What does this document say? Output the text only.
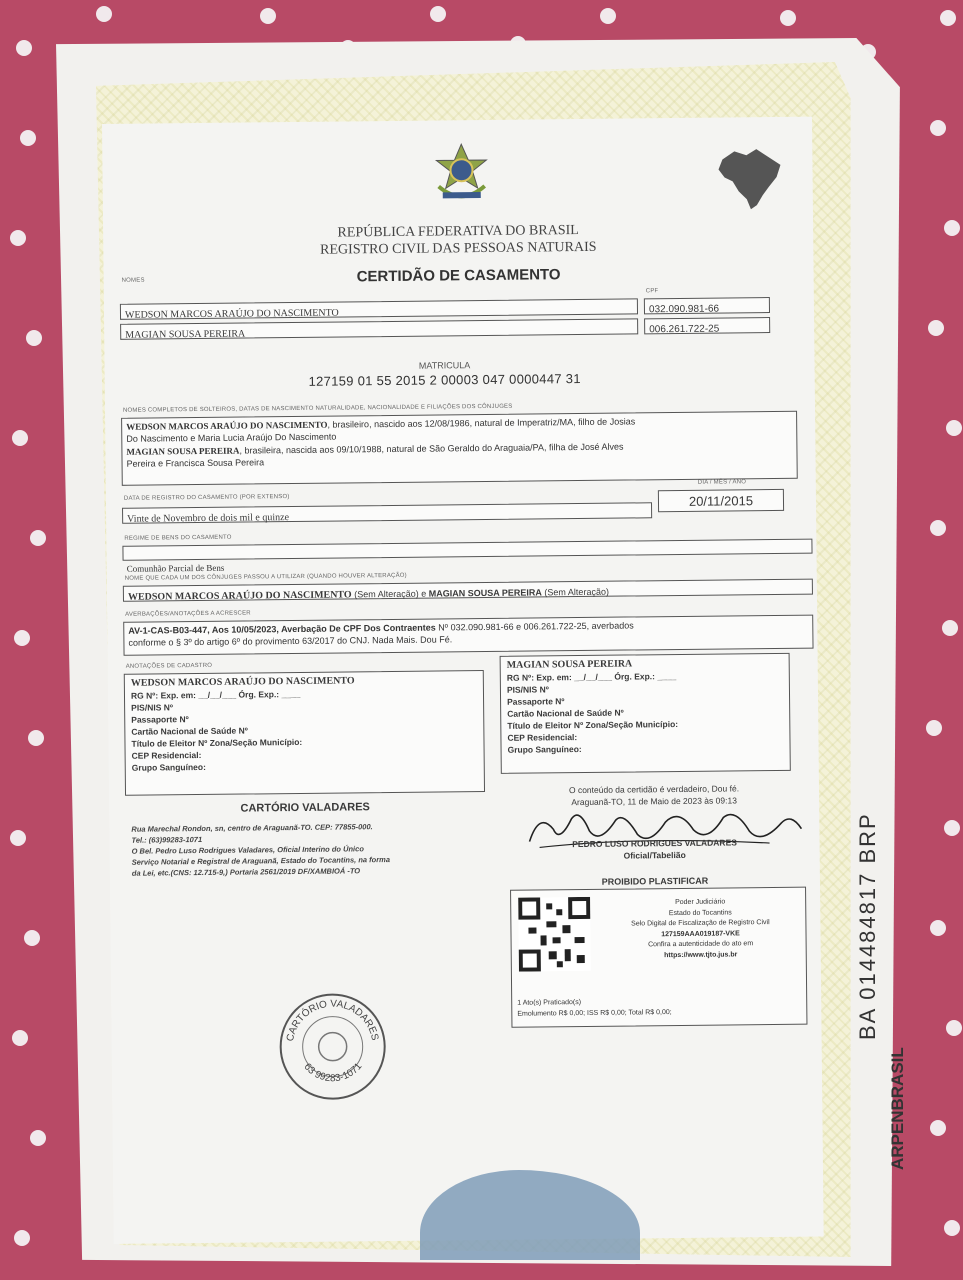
BA 014484817 BRP
ARPENBRASIL
REPÚBLICA FEDERATIVA DO BRASIL
REGISTRO CIVIL DAS PESSOAS NATURAIS
CERTIDÃO DE CASAMENTO
NOMES
CPF
WEDSON MARCOS ARAÚJO DO NASCIMENTO	032.090.981-66
MAGIAN SOUSA PEREIRA	006.261.722-25
MATRICULA
127159 01 55 2015 2 00003 047 0000447 31
NOMES COMPLETOS DE SOLTEIROS, DATAS DE NASCIMENTO NATURALIDADE, NACIONALIDADE E FILIAÇÕES DOS CÔNJUGES
WEDSON MARCOS ARAÚJO DO NASCIMENTO, brasileiro, nascido aos 12/08/1986, natural de Imperatriz/MA, filho de Josias
Do Nascimento e Maria Lucia Araújo Do Nascimento
MAGIAN SOUSA PEREIRA, brasileira, nascida aos 09/10/1988, natural de São Geraldo do Araguaia/PA, filha de José Alves
Pereira e Francisca Sousa Pereira
DATA DE REGISTRO DO CASAMENTO (POR EXTENSO)
DIA / MÊS / ANO
Vinte de Novembro de dois mil e quinze
20/11/2015
REGIME DE BENS DO CASAMENTO
Comunhão Parcial de Bens
NOME QUE CADA UM DOS CÔNJUGES PASSOU A UTILIZAR (QUANDO HOUVER ALTERAÇÃO)
WEDSON MARCOS ARAÚJO DO NASCIMENTO (Sem Alteração) e MAGIAN SOUSA PEREIRA (Sem Alteração)
AVERBAÇÕES/ANOTAÇÕES A ACRESCER
AV-1-CAS-B03-447, Aos 10/05/2023, Averbação De CPF Dos Contraentes Nº 032.090.981-66 e 006.261.722-25, averbados
conforme o § 3º do artigo 6º do provimento 63/2017 do CNJ. Nada Mais. Dou Fé.
ANOTAÇÕES DE CADASTRO
WEDSON MARCOS ARAÚJO DO NASCIMENTO
RG Nº: Exp. em: __/__/___ Órg. Exp.: ____
PIS/NIS Nº
Passaporte Nº
Cartão Nacional de Saúde Nº
Título de Eleitor Nº Zona/Seção Município:
CEP Residencial:
Grupo Sanguíneo:
MAGIAN SOUSA PEREIRA
RG Nº: Exp. em: __/__/___ Órg. Exp.: ____
PIS/NIS Nº
Passaporte Nº
Cartão Nacional de Saúde Nº
Título de Eleitor Nº Zona/Seção Município:
CEP Residencial:
Grupo Sanguíneo:
CARTÓRIO VALADARES
Rua Marechal Rondon, sn, centro de Araguanã-TO. CEP: 77855-000.
Tel.: (63)99283-1071
O Bel. Pedro Luso Rodrigues Valadares, Oficial Interino do Único
Serviço Notarial e Registral de Araguanã, Estado do Tocantins, na forma
da Lei, etc.(CNS: 12.715-9,) Portaria 2561/2019 DF/XAMBIOÁ -TO
O conteúdo da certidão é verdadeiro, Dou fé.
Araguanã-TO, 11 de Maio de 2023 às 09:13
PEDRO LUSO RODRIGUES VALADARES
Oficial/Tabelião
PROIBIDO PLASTIFICAR
Poder Judiciário
Estado do Tocantins
Selo Digital de Fiscalização de Registro Civil
127159AAA019187-VKE
Confira a autenticidade do ato em
https://www.tjto.jus.br
1 Ato(s) Praticado(s)
Emolumento R$ 0,00; ISS R$ 0,00; Total R$ 0,00;
CARTÓRIO VALADARES
63 99283-1071
